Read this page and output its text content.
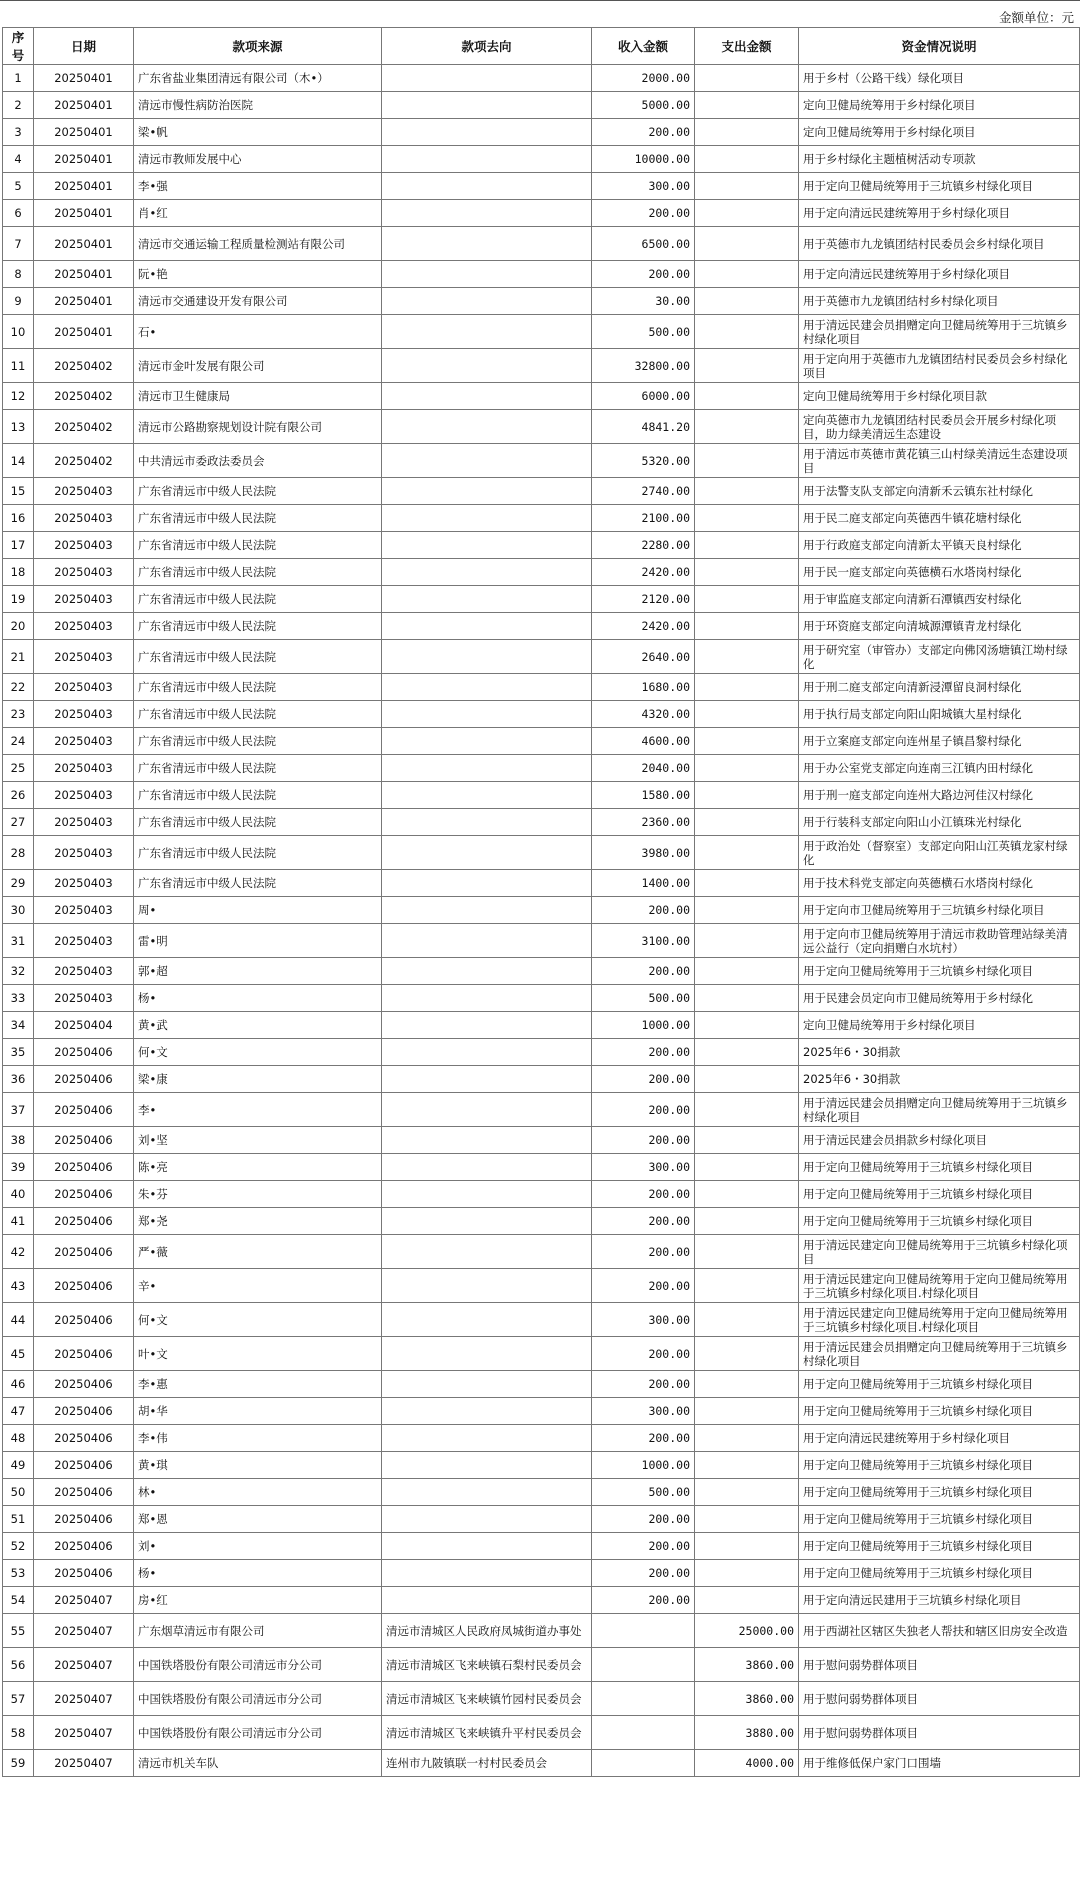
金额单位：元
序号	日期	款项来源	款项去向	收入金额	支出金额	资金情况说明
1	20250401	广东省盐业集团清远有限公司（木•）		2000.00		用于乡村（公路干线）绿化项目
2	20250401	清远市慢性病防治医院		5000.00		定向卫健局统筹用于乡村绿化项目
3	20250401	梁•帆		200.00		定向卫健局统筹用于乡村绿化项目
4	20250401	清远市教师发展中心		10000.00		用于乡村绿化主题植树活动专项款
5	20250401	李•强		300.00		用于定向卫健局统筹用于三坑镇乡村绿化项目
6	20250401	肖•红		200.00		用于定向清远民建统筹用于乡村绿化项目
7	20250401	清远市交通运输工程质量检测站有限公司		6500.00		用于英德市九龙镇团结村民委员会乡村绿化项目
8	20250401	阮•艳		200.00		用于定向清远民建统筹用于乡村绿化项目
9	20250401	清远市交通建设开发有限公司		30.00		用于英德市九龙镇团结村乡村绿化项目
10	20250401	石•		500.00		用于清远民建会员捐赠定向卫健局统筹用于三坑镇乡村绿化项目
11	20250402	清远市金叶发展有限公司		32800.00		用于定向用于英德市九龙镇团结村民委员会乡村绿化项目
12	20250402	清远市卫生健康局		6000.00		定向卫健局统筹用于乡村绿化项目款
13	20250402	清远市公路勘察规划设计院有限公司		4841.20		定向英德市九龙镇团结村民委员会开展乡村绿化项目，助力绿美清远生态建设
14	20250402	中共清远市委政法委员会		5320.00		用于清远市英德市黄花镇三山村绿美清远生态建设项目
15	20250403	广东省清远市中级人民法院		2740.00		用于法警支队支部定向清新禾云镇东社村绿化
16	20250403	广东省清远市中级人民法院		2100.00		用于民二庭支部定向英德西牛镇花塘村绿化
17	20250403	广东省清远市中级人民法院		2280.00		用于行政庭支部定向清新太平镇天良村绿化
18	20250403	广东省清远市中级人民法院		2420.00		用于民一庭支部定向英德横石水塔岗村绿化
19	20250403	广东省清远市中级人民法院		2120.00		用于审监庭支部定向清新石潭镇西安村绿化
20	20250403	广东省清远市中级人民法院		2420.00		用于环资庭支部定向清城源潭镇青龙村绿化
21	20250403	广东省清远市中级人民法院		2640.00		用于研究室（审管办）支部定向佛冈汤塘镇江坳村绿化
22	20250403	广东省清远市中级人民法院		1680.00		用于刑二庭支部定向清新浸潭留良洞村绿化
23	20250403	广东省清远市中级人民法院		4320.00		用于执行局支部定向阳山阳城镇大星村绿化
24	20250403	广东省清远市中级人民法院		4600.00		用于立案庭支部定向连州星子镇昌黎村绿化
25	20250403	广东省清远市中级人民法院		2040.00		用于办公室党支部定向连南三江镇内田村绿化
26	20250403	广东省清远市中级人民法院		1580.00		用于刑一庭支部定向连州大路边河佳汉村绿化
27	20250403	广东省清远市中级人民法院		2360.00		用于行装科支部定向阳山小江镇珠光村绿化
28	20250403	广东省清远市中级人民法院		3980.00		用于政治处（督察室）支部定向阳山江英镇龙家村绿化
29	20250403	广东省清远市中级人民法院		1400.00		用于技术科党支部定向英德横石水塔岗村绿化
30	20250403	周•		200.00		用于定向市卫健局统筹用于三坑镇乡村绿化项目
31	20250403	雷•明		3100.00		用于定向市卫健局统筹用于清远市救助管理站绿美清远公益行（定向捐赠白水坑村）
32	20250403	郭•超		200.00		用于定向卫健局统筹用于三坑镇乡村绿化项目
33	20250403	杨•		500.00		用于民建会员定向市卫健局统筹用于乡村绿化
34	20250404	黄•武		1000.00		定向卫健局统筹用于乡村绿化项目
35	20250406	何•文		200.00		2025年6・30捐款
36	20250406	梁•康		200.00		2025年6・30捐款
37	20250406	李•		200.00		用于清远民建会员捐赠定向卫健局统筹用于三坑镇乡村绿化项目
38	20250406	刘•坚		200.00		用于清远民建会员捐款乡村绿化项目
39	20250406	陈•亮		300.00		用于定向卫健局统筹用于三坑镇乡村绿化项目
40	20250406	朱•芬		200.00		用于定向卫健局统筹用于三坑镇乡村绿化项目
41	20250406	郑•尧		200.00		用于定向卫健局统筹用于三坑镇乡村绿化项目
42	20250406	严•薇		200.00		用于清远民建定向卫健局统筹用于三坑镇乡村绿化项目
43	20250406	辛•		200.00		用于清远民建定向卫健局统筹用于定向卫健局统筹用于三坑镇乡村绿化项目.村绿化项目
44	20250406	何•文		300.00		用于清远民建定向卫健局统筹用于定向卫健局统筹用于三坑镇乡村绿化项目.村绿化项目
45	20250406	叶•文		200.00		用于清远民建会员捐赠定向卫健局统筹用于三坑镇乡村绿化项目
46	20250406	李•惠		200.00		用于定向卫健局统筹用于三坑镇乡村绿化项目
47	20250406	胡•华		300.00		用于定向卫健局统筹用于三坑镇乡村绿化项目
48	20250406	李•伟		200.00		用于定向清远民建统筹用于乡村绿化项目
49	20250406	黄•琪		1000.00		用于定向卫健局统筹用于三坑镇乡村绿化项目
50	20250406	林•		500.00		用于定向卫健局统筹用于三坑镇乡村绿化项目
51	20250406	郑•恩		200.00		用于定向卫健局统筹用于三坑镇乡村绿化项目
52	20250406	刘•		200.00		用于定向卫健局统筹用于三坑镇乡村绿化项目
53	20250406	杨•		200.00		用于定向卫健局统筹用于三坑镇乡村绿化项目
54	20250407	房•红		200.00		用于定向清远民建用于三坑镇乡村绿化项目
55	20250407	广东烟草清远市有限公司	清远市清城区人民政府凤城街道办事处		25000.00	用于西湖社区辖区失独老人帮扶和辖区旧房安全改造
56	20250407	中国铁塔股份有限公司清远市分公司	清远市清城区飞来峡镇石梨村民委员会		3860.00	用于慰问弱势群体项目
57	20250407	中国铁塔股份有限公司清远市分公司	清远市清城区飞来峡镇竹园村民委员会		3860.00	用于慰问弱势群体项目
58	20250407	中国铁塔股份有限公司清远市分公司	清远市清城区飞来峡镇升平村民委员会		3880.00	用于慰问弱势群体项目
59	20250407	清远市机关车队	连州市九陂镇联一村村民委员会		4000.00	用于维修低保户家门口围墙
